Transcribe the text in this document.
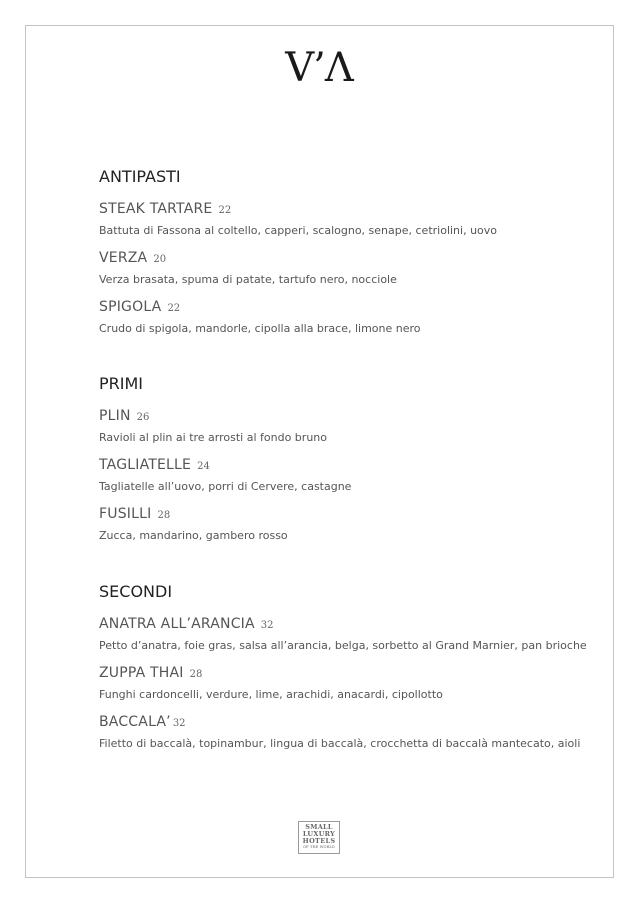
V’Λ
ANTIPASTI
STEAK TARTARE 22
Battuta di Fassona al coltello, capperi, scalogno, senape, cetriolini, uovo
VERZA 20
Verza brasata, spuma di patate, tartufo nero, nocciole
SPIGOLA 22
Crudo di spigola, mandorle, cipolla alla brace, limone nero
PRIMI
PLIN 26
Ravioli al plin ai tre arrosti al fondo bruno
TAGLIATELLE 24
Tagliatelle all’uovo, porri di Cervere, castagne
FUSILLI 28
Zucca, mandarino, gambero rosso
SECONDI
ANATRA ALL’ARANCIA 32
Petto d’anatra, foie gras, salsa all’arancia, belga, sorbetto al Grand Marnier, pan brioche
ZUPPA THAI 28
Funghi cardoncelli, verdure, lime, arachidi, anacardi, cipollotto
BACCALA’ 32
Filetto di baccalà, topinambur, lingua di baccalà, crocchetta di baccalà mantecato, aioli
SMALL
LUXURY
HOTELS
OF THE WORLD
